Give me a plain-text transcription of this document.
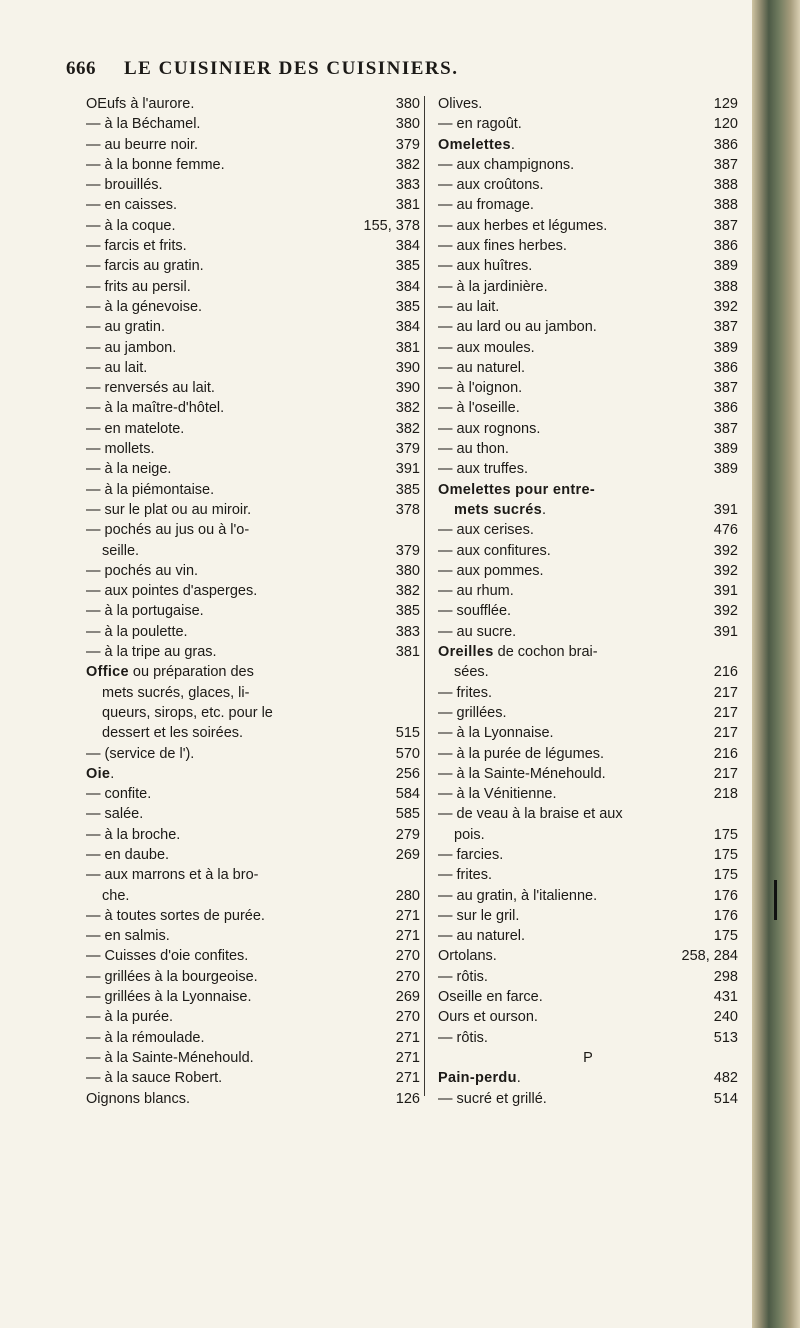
666 LE CUISINIER DES CUISINIERS.
OEufs à l'aurore.	380
— à la Béchamel.	380
— au beurre noir.	379
— à la bonne femme.	382
— brouillés.	383
— en caisses.	381
— à la coque.	155, 378
— farcis et frits.	384
— farcis au gratin.	385
— frits au persil.	384
— à la génevoise.	385
— au gratin.	384
— au jambon.	381
— au lait.	390
— renversés au lait.	390
— à la maître-d'hôtel.	382
— en matelote.	382
— mollets.	379
— à la neige.	391
— à la piémontaise.	385
— sur le plat ou au miroir.	378
— pochés au jus ou à l'o-
seille.	379
— pochés au vin.	380
— aux pointes d'asperges.	382
— à la portugaise.	385
— à la poulette.	383
— à la tripe au gras.	381
Office ou préparation des
mets sucrés, glaces, li-
queurs, sirops, etc. pour le
dessert et les soirées.	515
— (service de l').	570
Oie.	256
— confite.	584
— salée.	585
— à la broche.	279
— en daube.	269
— aux marrons et à la bro-
che.	280
— à toutes sortes de purée.	271
— en salmis.	271
— Cuisses d'oie confites.	270
— grillées à la bourgeoise.	270
— grillées à la Lyonnaise.	269
— à la purée.	270
— à la rémoulade.	271
— à la Sainte-Ménehould.	271
— à la sauce Robert.	271
Oignons blancs.	126
Olives.	129
— en ragoût.	120
Omelettes.	386
— aux champignons.	387
— aux croûtons.	388
— au fromage.	388
— aux herbes et légumes.	387
— aux fines herbes.	386
— aux huîtres.	389
— à la jardinière.	388
— au lait.	392
— au lard ou au jambon.	387
— aux moules.	389
— au naturel.	386
— à l'oignon.	387
— à l'oseille.	386
— aux rognons.	387
— au thon.	389
— aux truffes.	389
Omelettes pour entre-
mets sucrés.	391
— aux cerises.	476
— aux confitures.	392
— aux pommes.	392
— au rhum.	391
— soufflée.	392
— au sucre.	391
Oreilles de cochon brai-
sées.	216
— frites.	217
— grillées.	217
— à la Lyonnaise.	217
— à la purée de légumes.	216
— à la Sainte-Ménehould.	217
— à la Vénitienne.	218
— de veau à la braise et aux
pois.	175
— farcies.	175
— frites.	175
— au gratin, à l'italienne.	176
— sur le gril.	176
— au naturel.	175
Ortolans.	258, 284
— rôtis.	298
Oseille en farce.	431
Ours et ourson.	240
— rôtis.	513
P
Pain-perdu.	482
— sucré et grillé.	514
